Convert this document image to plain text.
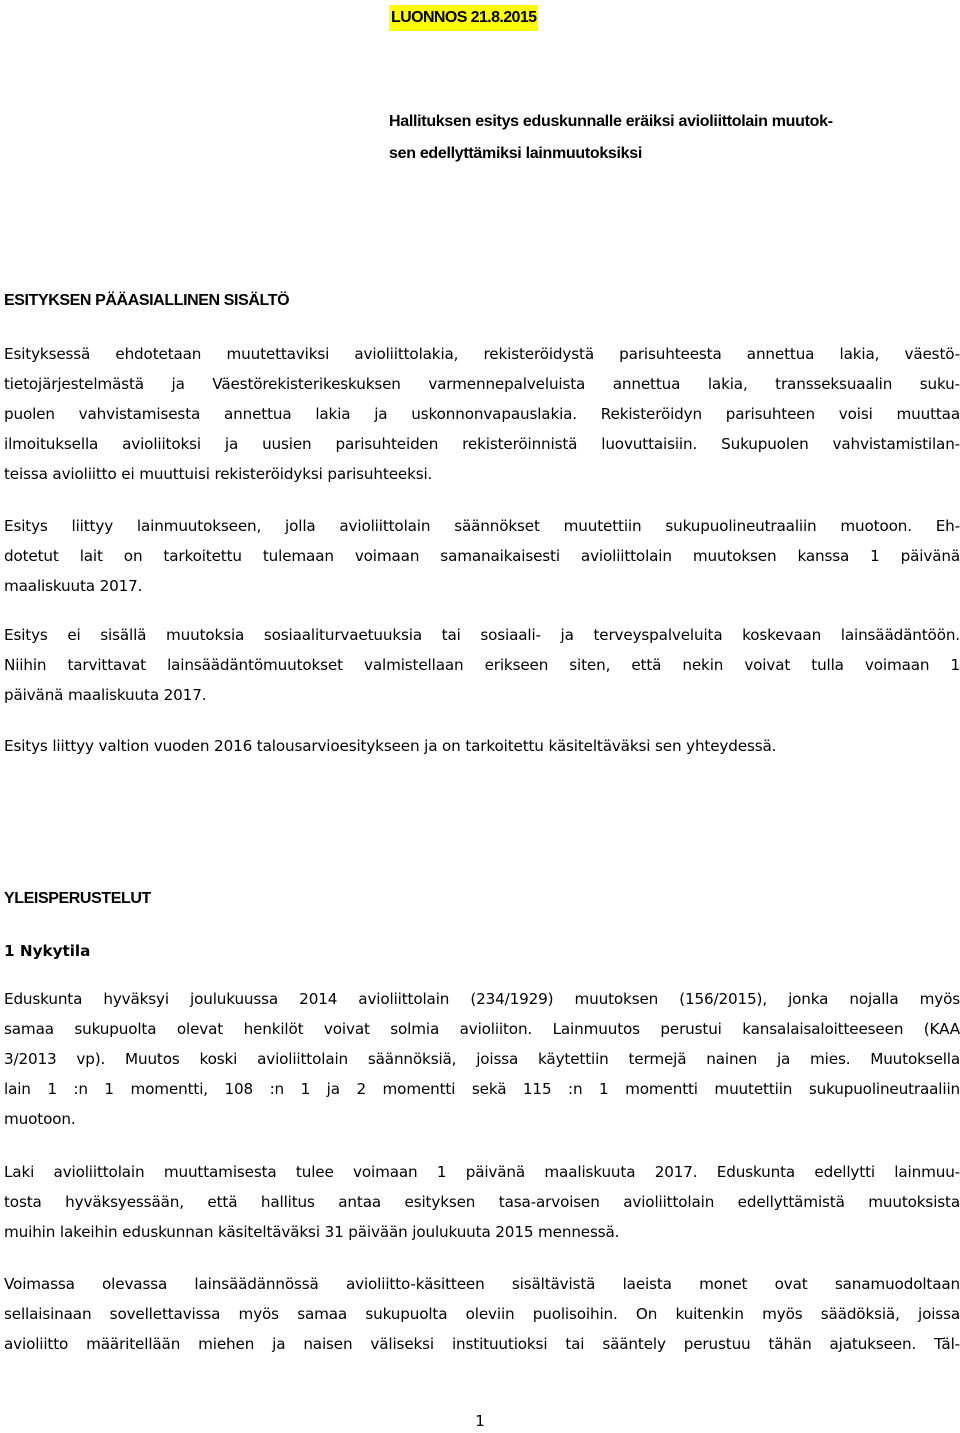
LUONNOS 21.8.2015
Hallituksen esitys eduskunnalle eräiksi avioliittolain muutok-
sen edellyttämiksi lainmuutoksiksi
ESITYKSEN PÄÄASIALLINEN SISÄLTÖ
Esityksessä ehdotetaan muutettaviksi avioliittolakia, rekisteröidystä parisuhteesta annettua lakia, väestö-
tietojärjestelmästä ja Väestörekisterikeskuksen varmennepalveluista annettua lakia, transseksuaalin suku-
puolen vahvistamisesta annettua lakia ja uskonnonvapauslakia. Rekisteröidyn parisuhteen voisi muuttaa
ilmoituksella avioliitoksi ja uusien parisuhteiden rekisteröinnistä luovuttaisiin. Sukupuolen vahvistamistilan-
teissa avioliitto ei muuttuisi rekisteröidyksi parisuhteeksi.
Esitys liittyy lainmuutokseen, jolla avioliittolain säännökset muutettiin sukupuolineutraaliin muotoon. Eh-
dotetut lait on tarkoitettu tulemaan voimaan samanaikaisesti avioliittolain muutoksen kanssa 1 päivänä
maaliskuuta 2017.
Esitys ei sisällä muutoksia sosiaaliturvaetuuksia tai sosiaali- ja terveyspalveluita koskevaan lainsäädäntöön.
Niihin tarvittavat lainsäädäntömuutokset valmistellaan erikseen siten, että nekin voivat tulla voimaan 1
päivänä maaliskuuta 2017.
Esitys liittyy valtion vuoden 2016 talousarvioesitykseen ja on tarkoitettu käsiteltäväksi sen yhteydessä.
YLEISPERUSTELUT
1 Nykytila
Eduskunta hyväksyi joulukuussa 2014 avioliittolain (234/1929) muutoksen (156/2015), jonka nojalla myös
samaa sukupuolta olevat henkilöt voivat solmia avioliiton. Lainmuutos perustui kansalaisaloitteeseen (KAA
3/2013 vp). Muutos koski avioliittolain säännöksiä, joissa käytettiin termejä nainen ja mies. Muutoksella
lain 1 :n 1 momentti, 108 :n 1 ja 2 momentti sekä 115 :n 1 momentti muutettiin sukupuolineutraaliin
muotoon.
Laki avioliittolain muuttamisesta tulee voimaan 1 päivänä maaliskuuta 2017. Eduskunta edellytti lainmuu-
tosta hyväksyessään, että hallitus antaa esityksen tasa-arvoisen avioliittolain edellyttämistä muutoksista
muihin lakeihin eduskunnan käsiteltäväksi 31 päivään joulukuuta 2015 mennessä.
Voimassa olevassa lainsäädännössä avioliitto-käsitteen sisältävistä laeista monet ovat sanamuodoltaan
sellaisinaan sovellettavissa myös samaa sukupuolta oleviin puolisoihin. On kuitenkin myös säädöksiä, joissa
avioliitto määritellään miehen ja naisen väliseksi instituutioksi tai sääntely perustuu tähän ajatukseen. Täl-
1
